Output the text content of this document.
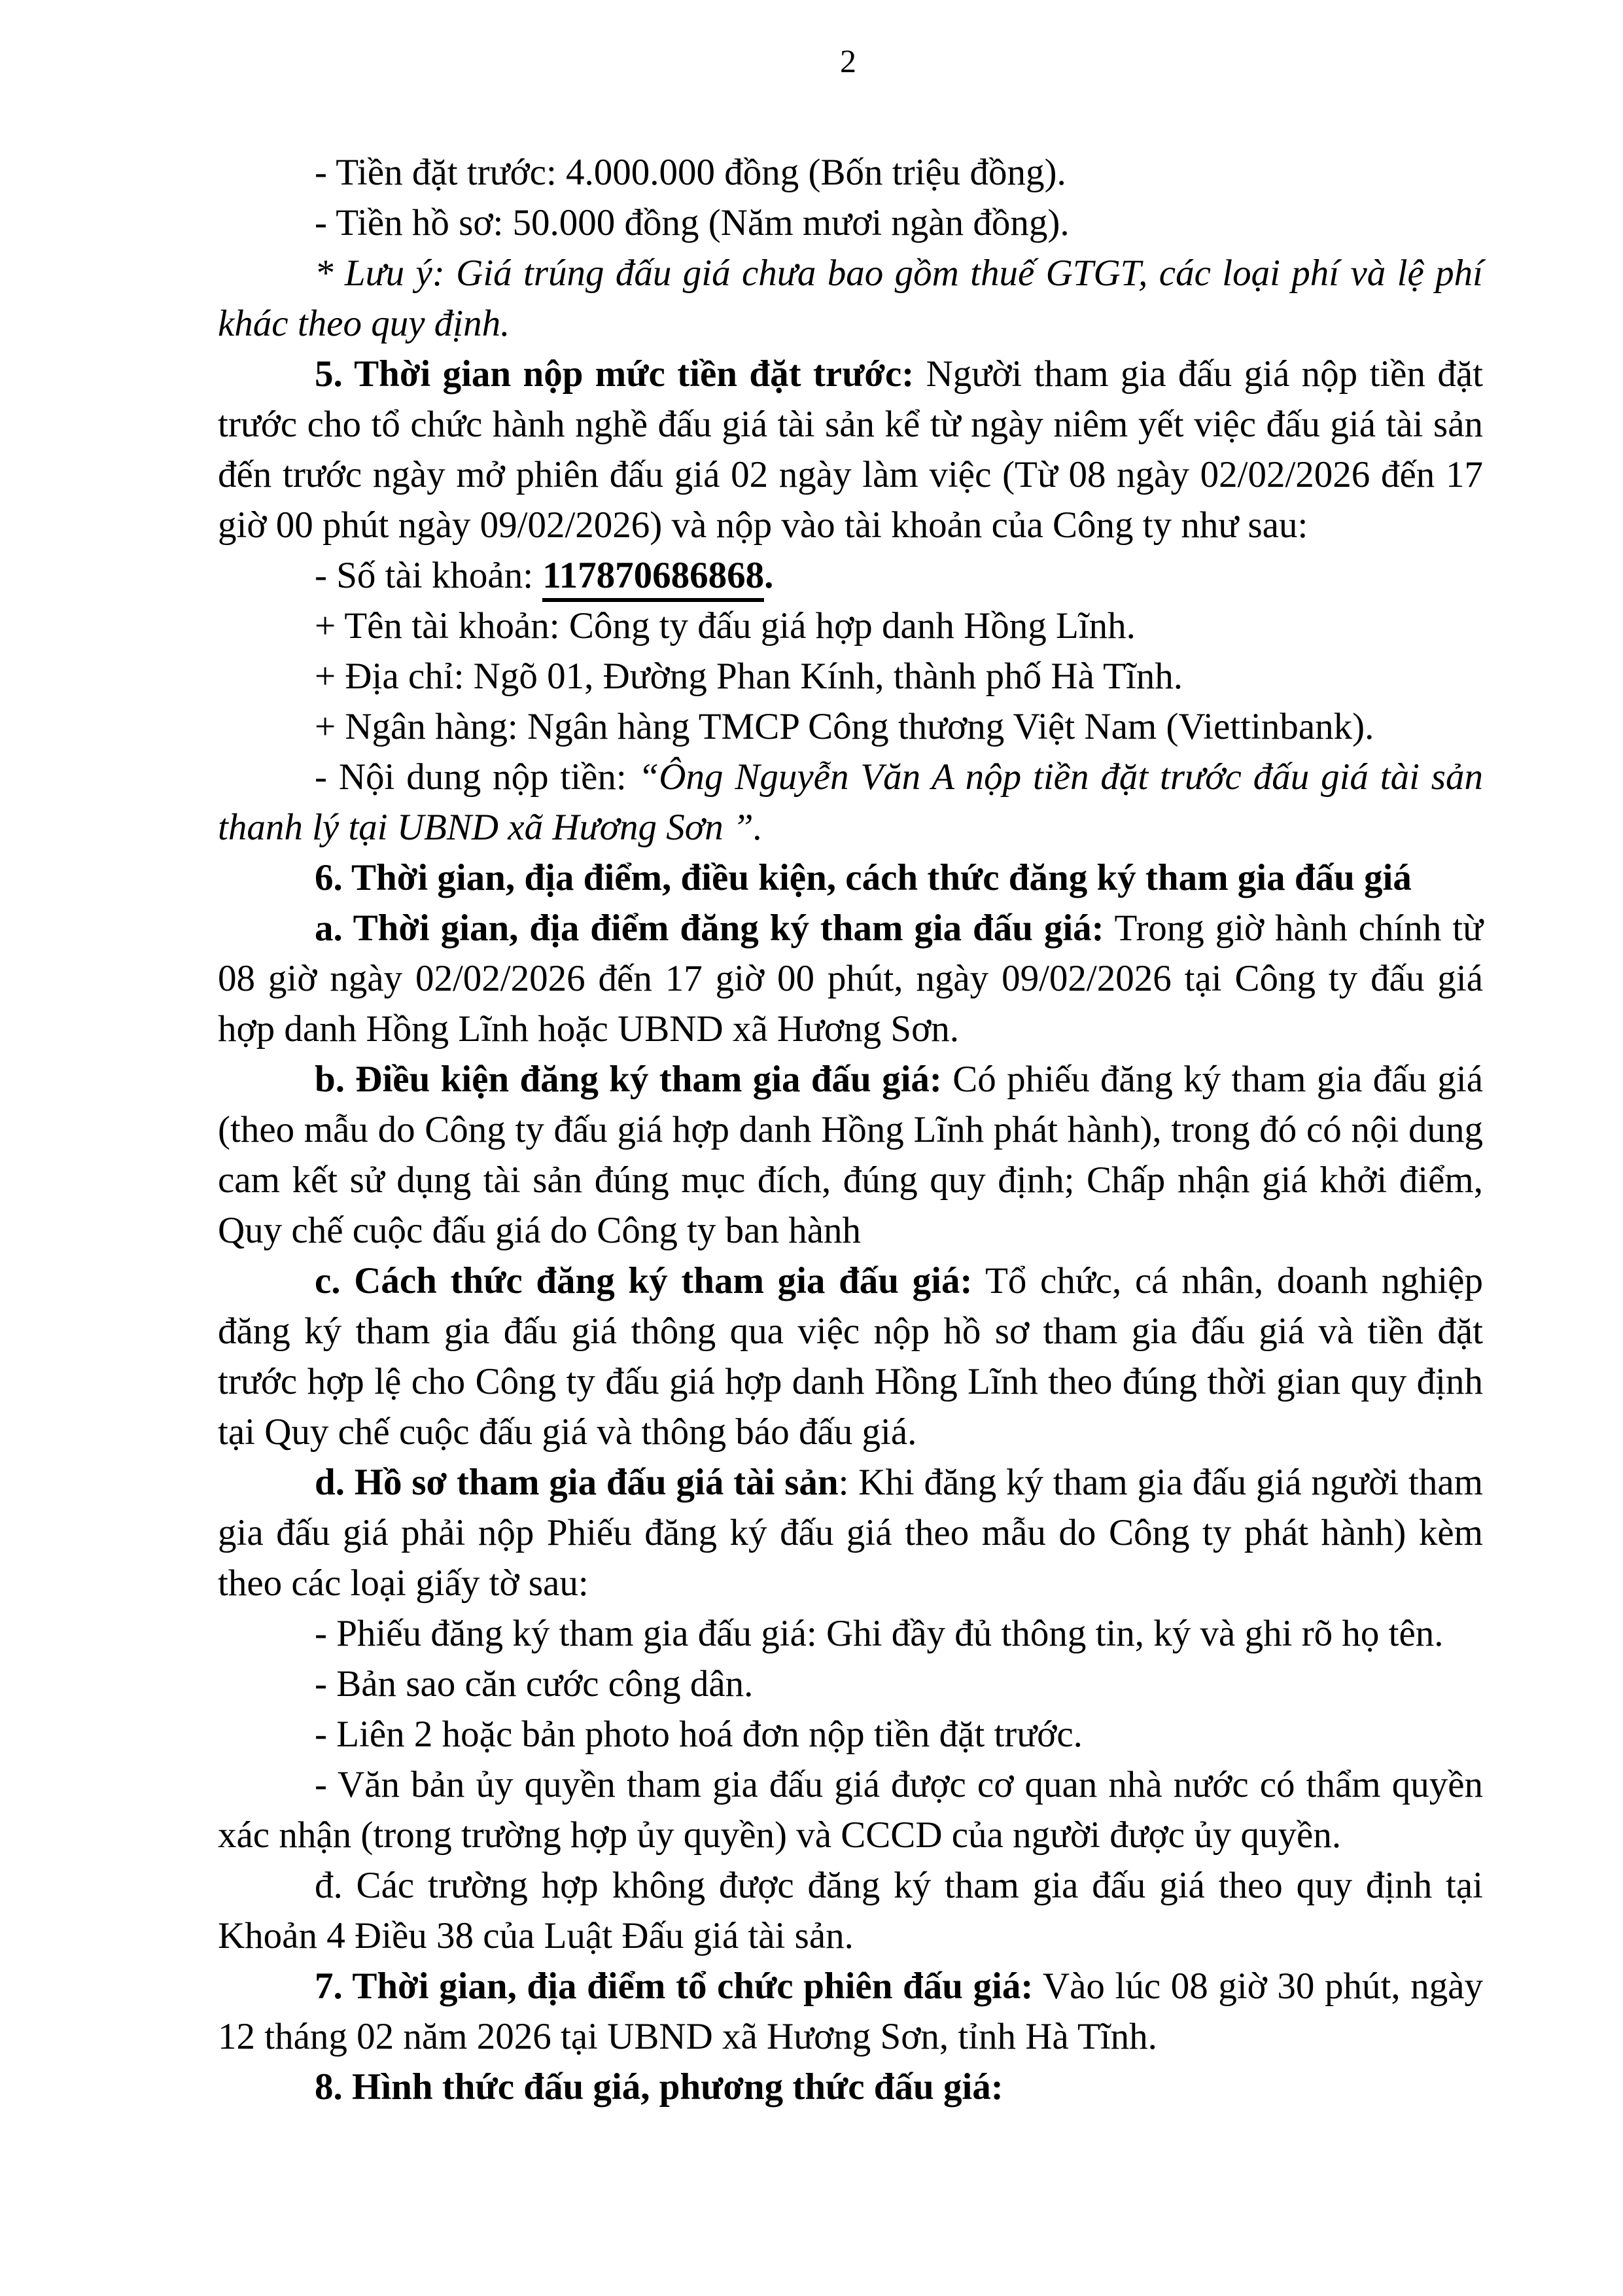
2

- Tiền đặt trước: 4.000.000 đồng (Bốn triệu đồng).

- Tiền hồ sơ: 50.000 đồng (Năm mươi ngàn đồng).

* Lưu ý: Giá trúng đấu giá chưa bao gồm thuế GTGT, các loại phí và lệ phí khác theo quy định.

5. Thời gian nộp mức tiền đặt trước: Người tham gia đấu giá nộp tiền đặt trước cho tổ chức hành nghề đấu giá tài sản kể từ ngày niêm yết việc đấu giá tài sản đến trước ngày mở phiên đấu giá 02 ngày làm việc (Từ 08 ngày 02/02/2026 đến 17 giờ 00 phút ngày 09/02/2026) và nộp vào tài khoản của Công ty như sau:

- Số tài khoản: 117870686868.

+ Tên tài khoản: Công ty đấu giá hợp danh Hồng Lĩnh.

+ Địa chỉ: Ngõ 01, Đường Phan Kính, thành phố Hà Tĩnh.

+ Ngân hàng: Ngân hàng TMCP Công thương Việt Nam (Viettinbank).

- Nội dung nộp tiền: “Ông Nguyễn Văn A nộp tiền đặt trước đấu giá tài sản thanh lý tại UBND xã Hương Sơn ”.

6. Thời gian, địa điểm, điều kiện, cách thức đăng ký tham gia đấu giá

a. Thời gian, địa điểm đăng ký tham gia đấu giá: Trong giờ hành chính từ 08 giờ ngày 02/02/2026 đến 17 giờ 00 phút, ngày 09/02/2026 tại Công ty đấu giá hợp danh Hồng Lĩnh hoặc UBND xã Hương Sơn.

b. Điều kiện đăng ký tham gia đấu giá: Có phiếu đăng ký tham gia đấu giá (theo mẫu do Công ty đấu giá hợp danh Hồng Lĩnh phát hành), trong đó có nội dung cam kết sử dụng tài sản đúng mục đích, đúng quy định; Chấp nhận giá khởi điểm, Quy chế cuộc đấu giá do Công ty ban hành

c. Cách thức đăng ký tham gia đấu giá: Tổ chức, cá nhân, doanh nghiệp đăng ký tham gia đấu giá thông qua việc nộp hồ sơ tham gia đấu giá và tiền đặt trước hợp lệ cho Công ty đấu giá hợp danh Hồng Lĩnh theo đúng thời gian quy định tại Quy chế cuộc đấu giá và thông báo đấu giá.

d. Hồ sơ tham gia đấu giá tài sản: Khi đăng ký tham gia đấu giá người tham gia đấu giá phải nộp Phiếu đăng ký đấu giá theo mẫu do Công ty phát hành) kèm theo các loại giấy tờ sau:

- Phiếu đăng ký tham gia đấu giá: Ghi đầy đủ thông tin, ký và ghi rõ họ tên.

- Bản sao căn cước công dân.

- Liên 2 hoặc bản photo hoá đơn nộp tiền đặt trước.

- Văn bản ủy quyền tham gia đấu giá được cơ quan nhà nước có thẩm quyền xác nhận (trong trường hợp ủy quyền) và CCCD của người được ủy quyền.

đ. Các trường hợp không được đăng ký tham gia đấu giá theo quy định tại Khoản 4 Điều 38 của Luật Đấu giá tài sản.

7. Thời gian, địa điểm tổ chức phiên đấu giá: Vào lúc 08 giờ 30 phút, ngày 12 tháng 02 năm 2026 tại UBND xã Hương Sơn, tỉnh Hà Tĩnh.

8. Hình thức đấu giá, phương thức đấu giá:
